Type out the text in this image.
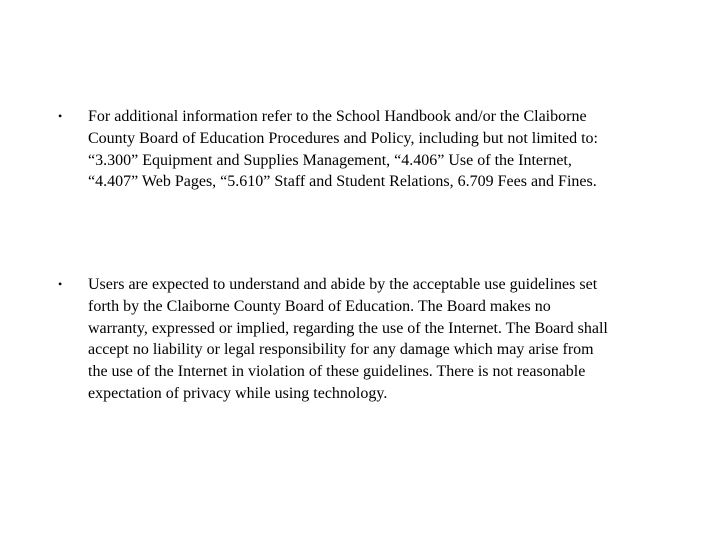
•	For additional information refer to the School Handbook and/or the Claiborne
County Board of Education Procedures and Policy, including but not limited to:
“3.300” Equipment and Supplies Management, “4.406” Use of the Internet,
“4.407” Web Pages, “5.610” Staff and Student Relations, 6.709 Fees and Fines.
•	Users are expected to understand and abide by the acceptable use guidelines set
forth by the Claiborne County Board of Education. The Board makes no
warranty, expressed or implied, regarding the use of the Internet. The Board shall
accept no liability or legal responsibility for any damage which may arise from
the use of the Internet in violation of these guidelines. There is not reasonable
expectation of privacy while using technology.
